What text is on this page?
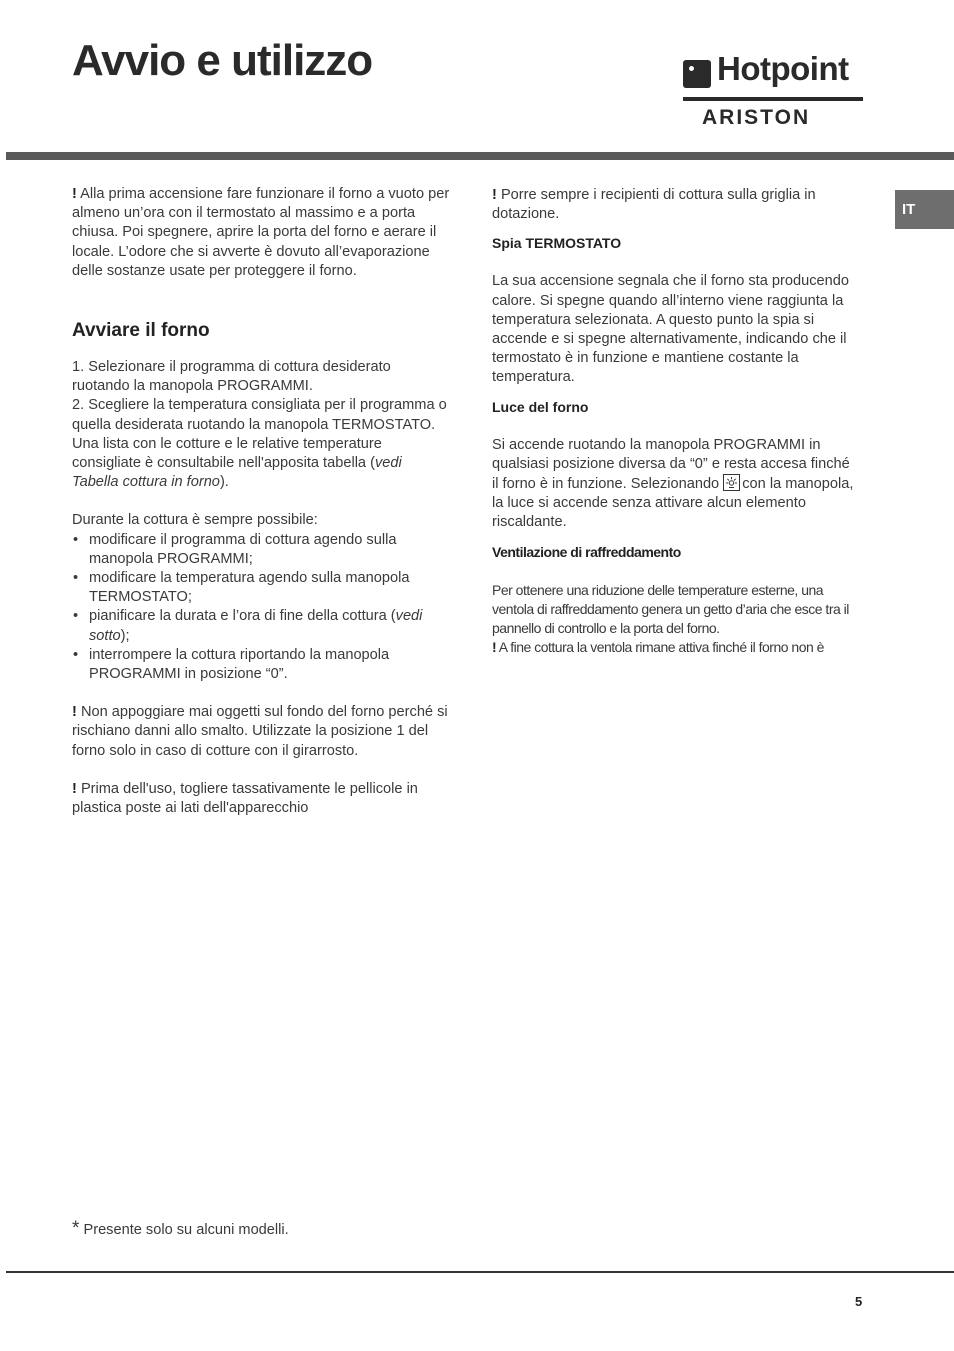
Avvio e utilizzo	Hotpoint
ARISTON
IT

! Alla prima accensione fare funzionare il forno a vuoto per almeno un’ora con il termostato al massimo e a porta chiusa. Poi spegnere, aprire la porta del forno e aerare il locale. L’odore che si avverte è dovuto all’evaporazione delle sostanze usate per proteggere il forno.

Avviare il forno

1. Selezionare il programma di cottura desiderato ruotando la manopola PROGRAMMI.

2. Scegliere la temperatura consigliata per il programma o quella desiderata ruotando la manopola TERMOSTATO.

Una lista con le cotture e le relative temperature consigliate è consultabile nell'apposita tabella (vedi Tabella cottura in forno).

Durante la cottura è sempre possibile:

• modificare il programma di cottura agendo sulla manopola PROGRAMMI;
• modificare la temperatura agendo sulla manopola TERMOSTATO;
• pianificare la durata e l’ora di fine della cottura (vedi sotto);
• interrompere la cottura riportando la manopola PROGRAMMI in posizione “0”.

! Non appoggiare mai oggetti sul fondo del forno perché si rischiano danni allo smalto. Utilizzate la posizione 1 del forno solo in caso di cotture con il girarrosto.

! Prima dell'uso, togliere tassativamente le pellicole in plastica poste ai lati dell'apparecchio

! Porre sempre i recipienti di cottura sulla griglia in dotazione.

Spia TERMOSTATO

La sua accensione segnala che il forno sta producendo calore. Si spegne quando all’interno viene raggiunta la temperatura selezionata. A questo punto la spia si accende e si spegne alternativamente, indicando che il termostato è in funzione e mantiene costante la temperatura.

Luce del forno

Si accende ruotando la manopola PROGRAMMI in qualsiasi posizione diversa da “0” e resta accesa finché il forno è in funzione. Selezionando con la manopola, la luce si accende senza attivare alcun elemento riscaldante.

Ventilazione di raffreddamento

Per ottenere una riduzione delle temperature esterne, una ventola di raffreddamento genera un getto d’aria che esce tra il pannello di controllo e la porta del forno.

! A fine cottura la ventola rimane attiva finché il forno non è

* Presente solo su alcuni modelli.
5
